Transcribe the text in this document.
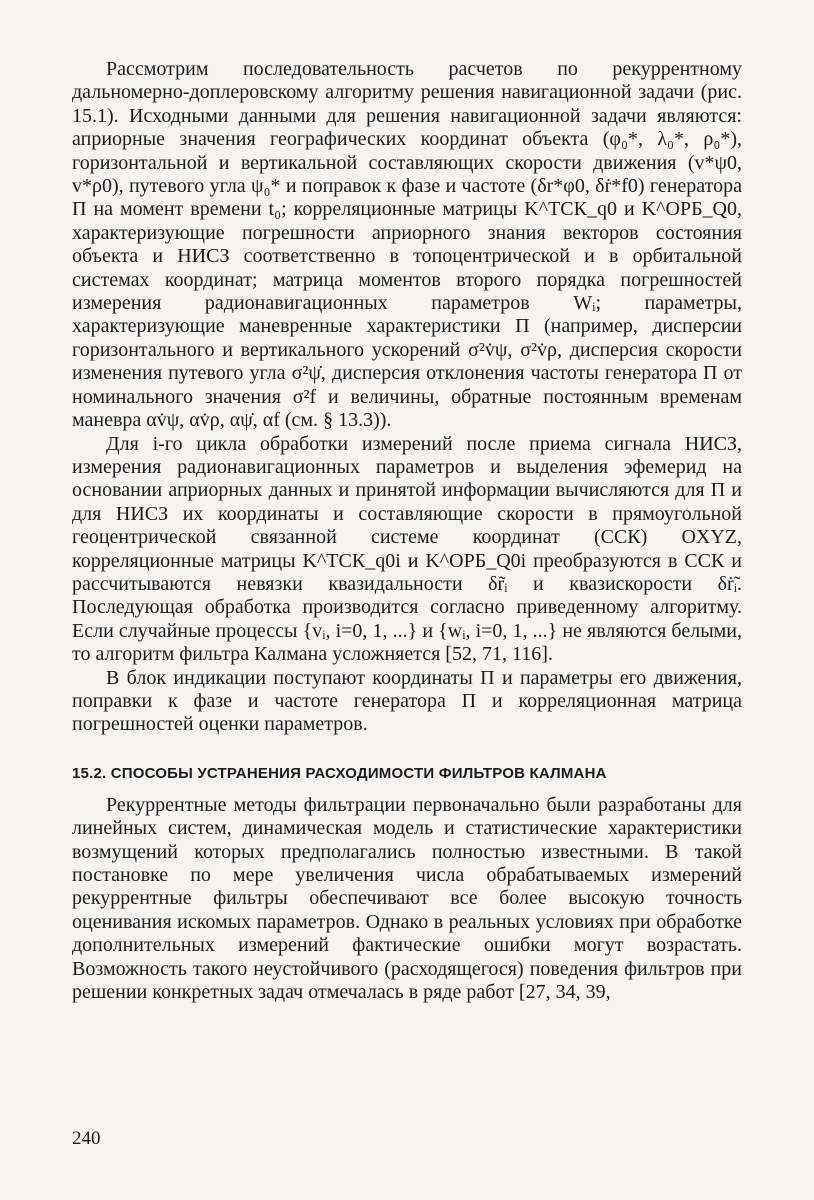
Рассмотрим последовательность расчетов по рекуррентному дальномерно-доплеровскому алгоритму решения навигационной задачи (рис. 15.1). Исходными данными для решения навигационной задачи являются: априорные значения географических координат объекта (φ₀*, λ₀*, ρ₀*), горизонтальной и вертикальной составляющих скорости движения (v*ψ0, v*ρ0), путевого угла ψ₀* и поправок к фазе и частоте (δr*φ0, δṙ*f0) генератора П на момент времени t₀; корреляционные матрицы K^ТСК_q0 и K^ОРБ_Q0, характеризующие погрешности априорного знания векторов состояния объекта и НИСЗ соответственно в топоцентрической и в орбитальной системах координат; матрица моментов второго порядка погрешностей измерения радионавигационных параметров Wᵢ; параметры, характеризующие маневренные характеристики П (например, дисперсии горизонтального и вертикального ускорений σ²v̇ψ, σ²v̇ρ, дисперсия скорости изменения путевого угла σ²ψ̇, дисперсия отклонения частоты генератора П от номинального значения σ²f и величины, обратные постоянным временам маневра αv̇ψ, αv̇ρ, αψ̇, αf (см. § 13.3)).

Для i-го цикла обработки измерений после приема сигнала НИСЗ, измерения радионавигационных параметров и выделения эфемерид на основании априорных данных и принятой информации вычисляются для П и для НИСЗ их координаты и составляющие скорости в прямоугольной геоцентрической связанной системе координат (ССК) OXYZ, корреляционные матрицы K^ТСК_q0i и K^ОРБ_Q0i преобразуются в ССК и рассчитываются невязки квазидальности δr̃ᵢ и квазискорости δṙ̃ᵢ. Последующая обработка производится согласно приведенному алгоритму. Если случайные процессы {vᵢ, i=0, 1, ...} и {wᵢ, i=0, 1, ...} не являются белыми, то алгоритм фильтра Калмана усложняется [52, 71, 116].

В блок индикации поступают координаты П и параметры его движения, поправки к фазе и частоте генератора П и корреляционная матрица погрешностей оценки параметров.

15.2. СПОСОБЫ УСТРАНЕНИЯ РАСХОДИМОСТИ ФИЛЬТРОВ КАЛМАНА

Рекуррентные методы фильтрации первоначально были разработаны для линейных систем, динамическая модель и статистические характеристики возмущений которых предполагались полностью известными. В такой постановке по мере увеличения числа обрабатываемых измерений рекуррентные фильтры обеспечивают все более высокую точность оценивания искомых параметров. Однако в реальных условиях при обработке дополнительных измерений фактические ошибки могут возрастать. Возможность такого неустойчивого (расходящегося) поведения фильтров при решении конкретных задач отмечалась в ряде работ [27, 34, 39,

240
